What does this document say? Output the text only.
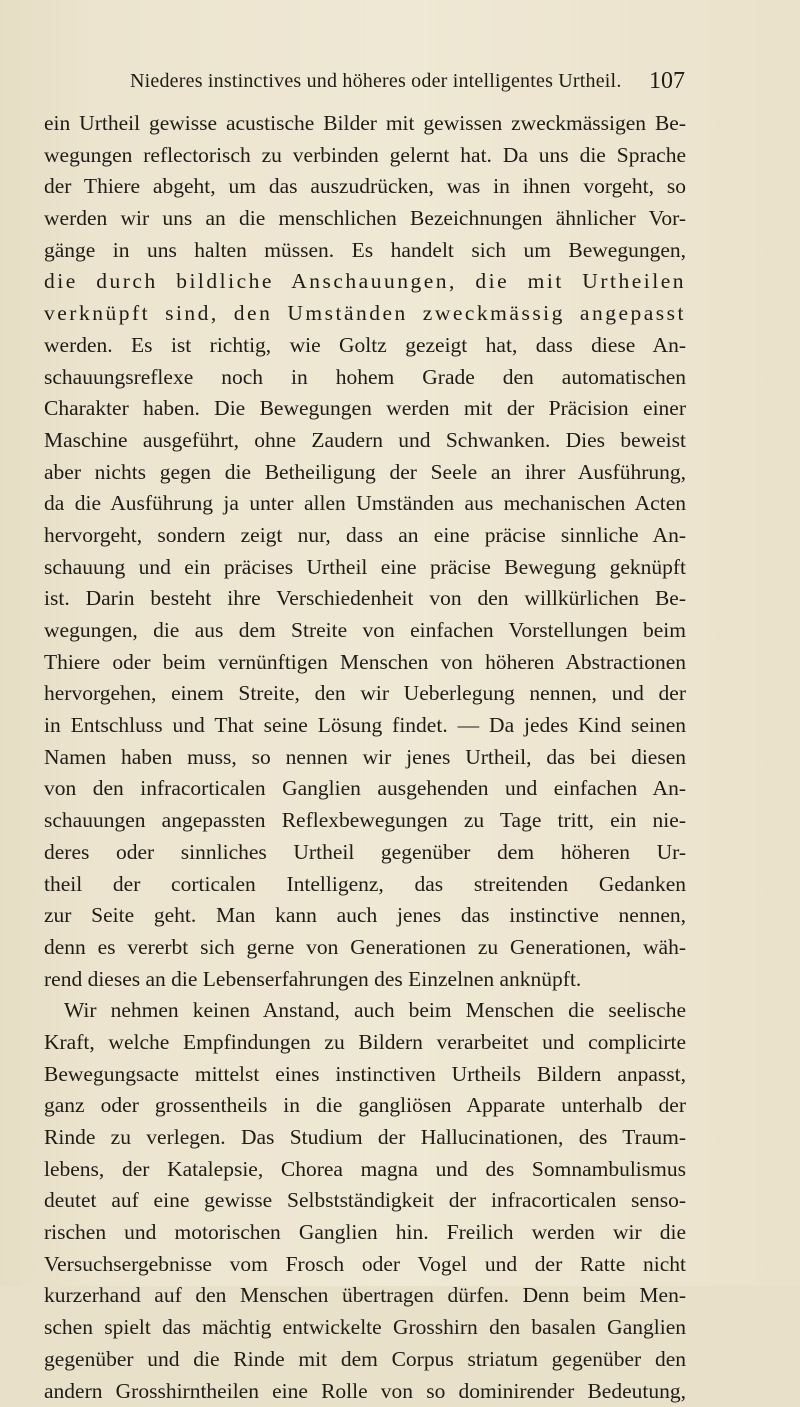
Niederes instinctives und höheres oder intelligentes Urtheil. 107
ein Urtheil gewisse acustische Bilder mit gewissen zweckmässigen Be-
wegungen reflectorisch zu verbinden gelernt hat. Da uns die Sprache
der Thiere abgeht, um das auszudrücken, was in ihnen vorgeht, so
werden wir uns an die menschlichen Bezeichnungen ähnlicher Vor-
gänge in uns halten müssen. Es handelt sich um Bewegungen,
die durch bildliche Anschauungen, die mit Urtheilen
verknüpft sind, den Umständen zweckmässig angepasst
werden. Es ist richtig, wie Goltz gezeigt hat, dass diese An-
schauungsreflexe noch in hohem Grade den automatischen
Charakter haben. Die Bewegungen werden mit der Präcision einer
Maschine ausgeführt, ohne Zaudern und Schwanken. Dies beweist
aber nichts gegen die Betheiligung der Seele an ihrer Ausführung,
da die Ausführung ja unter allen Umständen aus mechanischen Acten
hervorgeht, sondern zeigt nur, dass an eine präcise sinnliche An-
schauung und ein präcises Urtheil eine präcise Bewegung geknüpft
ist. Darin besteht ihre Verschiedenheit von den willkürlichen Be-
wegungen, die aus dem Streite von einfachen Vorstellungen beim
Thiere oder beim vernünftigen Menschen von höheren Abstractionen
hervorgehen, einem Streite, den wir Ueberlegung nennen, und der
in Entschluss und That seine Lösung findet. — Da jedes Kind seinen
Namen haben muss, so nennen wir jenes Urtheil, das bei diesen
von den infracorticalen Ganglien ausgehenden und einfachen An-
schauungen angepassten Reflexbewegungen zu Tage tritt, ein nie-
deres oder sinnliches Urtheil gegenüber dem höheren Ur-
theil der corticalen Intelligenz, das streitenden Gedanken
zur Seite geht. Man kann auch jenes das instinctive nennen,
denn es vererbt sich gerne von Generationen zu Generationen, wäh-
rend dieses an die Lebenserfahrungen des Einzelnen anknüpft.
Wir nehmen keinen Anstand, auch beim Menschen die seelische
Kraft, welche Empfindungen zu Bildern verarbeitet und complicirte
Bewegungsacte mittelst eines instinctiven Urtheils Bildern anpasst,
ganz oder grossentheils in die gangliösen Apparate unterhalb der
Rinde zu verlegen. Das Studium der Hallucinationen, des Traum-
lebens, der Katalepsie, Chorea magna und des Somnambulismus
deutet auf eine gewisse Selbstständigkeit der infracorticalen senso-
rischen und motorischen Ganglien hin. Freilich werden wir die
Versuchsergebnisse vom Frosch oder Vogel und der Ratte nicht
kurzerhand auf den Menschen übertragen dürfen. Denn beim Men-
schen spielt das mächtig entwickelte Grosshirn den basalen Ganglien
gegenüber und die Rinde mit dem Corpus striatum gegenüber den
andern Grosshirntheilen eine Rolle von so dominirender Bedeutung,
